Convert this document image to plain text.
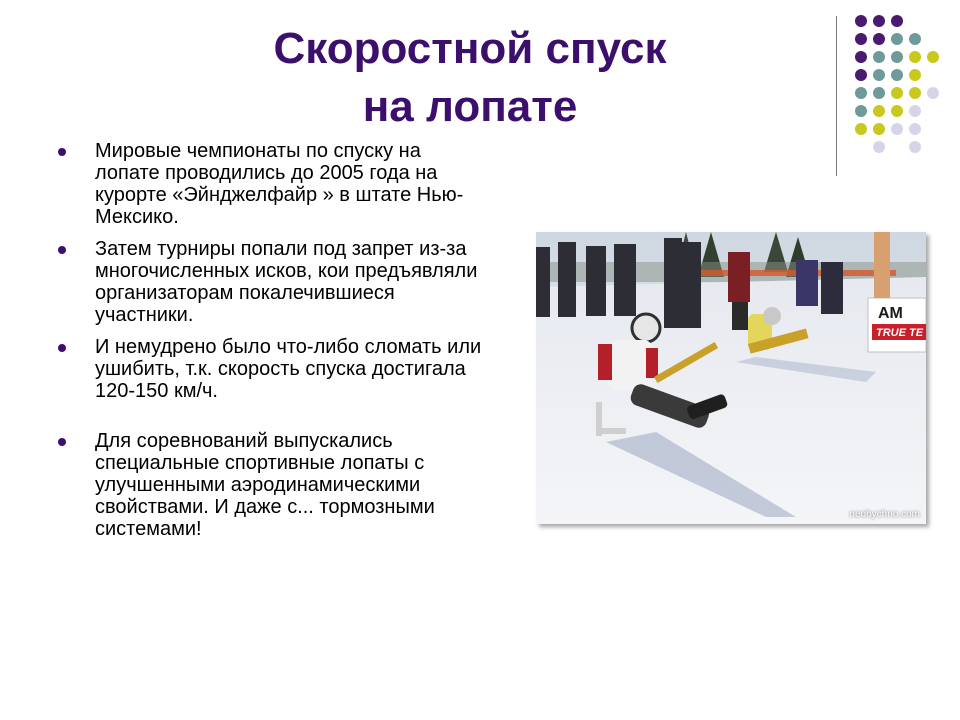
Скоростной спуск
на лопате
Мировые чемпионаты по спуску на лопате проводились до 2005 года на курорте «Эйнджелфайр » в штате Нью-Мексико.
Затем турниры попали под запрет из-за многочисленных исков, кои предъявляли организаторам покалечившиеся участники.
И немудрено было что-либо сломать или ушибить, т.к. скорость спуска достигала 120-150 км/ч.
Для соревнований выпускались специальные спортивные лопаты с улучшенными аэродинамическими свойствами. И даже с... тормозными системами!
AM
TRUE TE
neobychno.com
